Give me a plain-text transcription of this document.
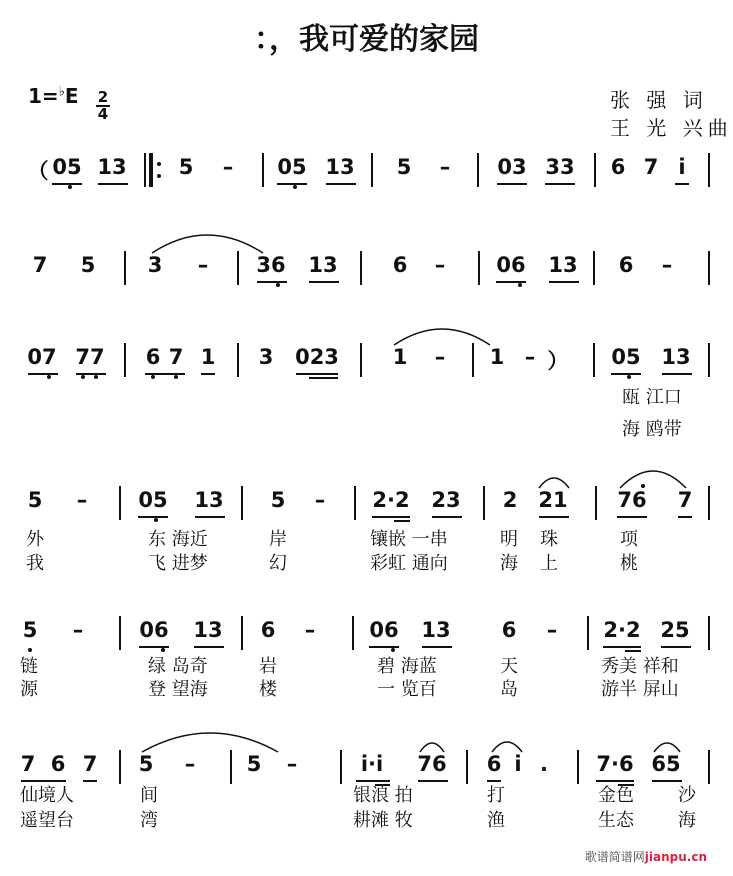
：，我可爱的家园
1=♭E 2
4
张 强 词
王 光 兴曲
（ 05 13 5 – 05 13 5 – 03 33 6 7 i
7 5 3 – 36 13	6 – 06 13 6 –
07 77 6 7 1 3 023	1 – 1 – ） 05 13
瓯 江口
海 鸥带
5 – 05 13 5 – 2·2 23 2 21 76 7
外	东 海近	岸	镶嵌 一串	明 珠	项
我	飞 进梦	幻	彩虹 通向	海 上	桃
5 –	06 13 6 –	06 13 6 – 2·2 25
链	绿 岛奇	岩	碧 海蓝	天	秀美 祥和
源	登 望海	楼	一 览百	岛	游半 屏山
7 6 7 5 – 5 –	i·i 76 6 i . 7·6 65
仙境人	间	银浪 拍	打	金色 沙
遥望台	湾	耕滩 牧	渔	生态 海
歌谱简谱网jianpu.cn
